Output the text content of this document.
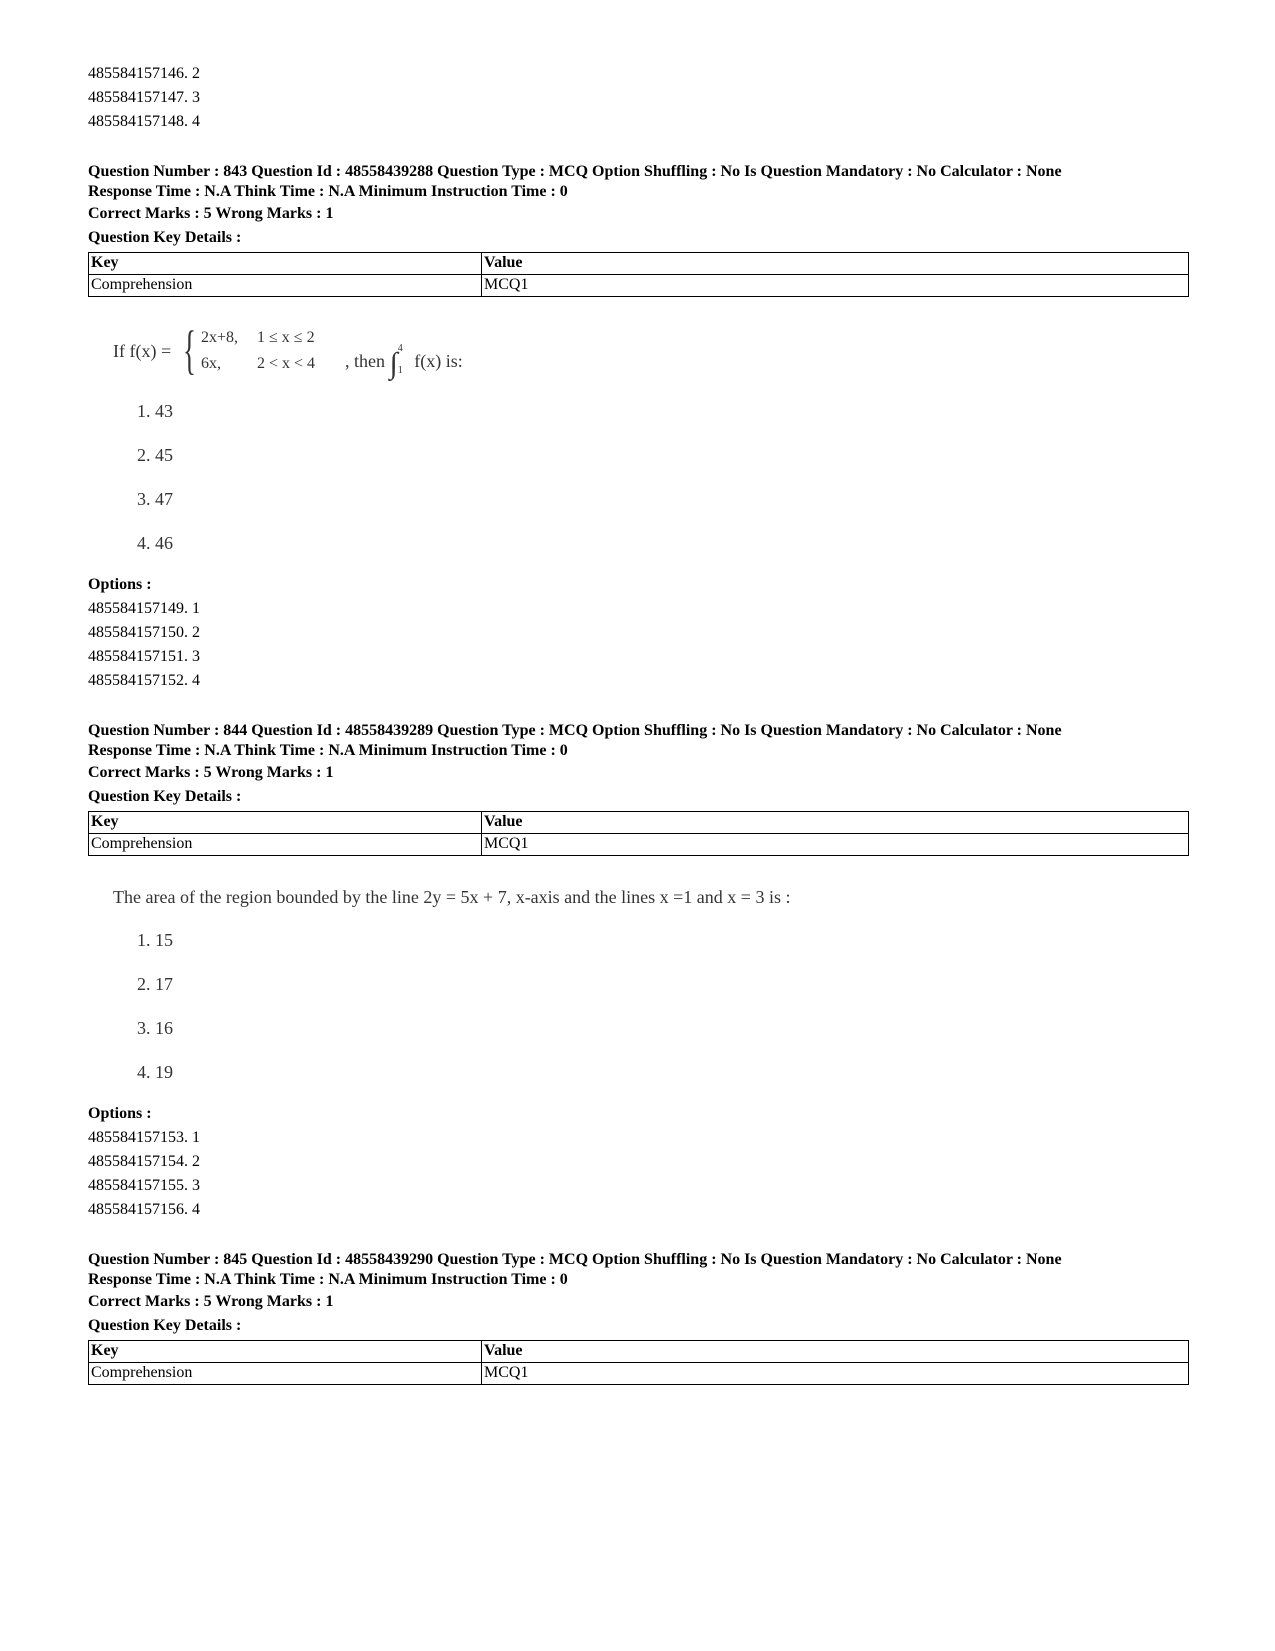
485584157146. 2
485584157147. 3
485584157148. 4
Question Number : 843 Question Id : 48558439288 Question Type : MCQ Option Shuffling : No Is Question Mandatory : No Calculator : None
Response Time : N.A Think Time : N.A Minimum Instruction Time : 0
Correct Marks : 5 Wrong Marks : 1
Question Key Details :
Key	Value
Comprehension	MCQ1
If f(x) = { 2x+8, 1 ≤ x ≤ 2
6x, 2 < x < 4 , then ∫ 4
1 f(x) is:
1. 43
2. 45
3. 47
4. 46
Options :
485584157149. 1
485584157150. 2
485584157151. 3
485584157152. 4
Question Number : 844 Question Id : 48558439289 Question Type : MCQ Option Shuffling : No Is Question Mandatory : No Calculator : None
Response Time : N.A Think Time : N.A Minimum Instruction Time : 0
Correct Marks : 5 Wrong Marks : 1
Question Key Details :
Key	Value
Comprehension	MCQ1
The area of the region bounded by the line 2y = 5x + 7, x-axis and the lines x =1 and x = 3 is :
1. 15
2. 17
3. 16
4. 19
Options :
485584157153. 1
485584157154. 2
485584157155. 3
485584157156. 4
Question Number : 845 Question Id : 48558439290 Question Type : MCQ Option Shuffling : No Is Question Mandatory : No Calculator : None
Response Time : N.A Think Time : N.A Minimum Instruction Time : 0
Correct Marks : 5 Wrong Marks : 1
Question Key Details :
Key	Value
Comprehension	MCQ1
